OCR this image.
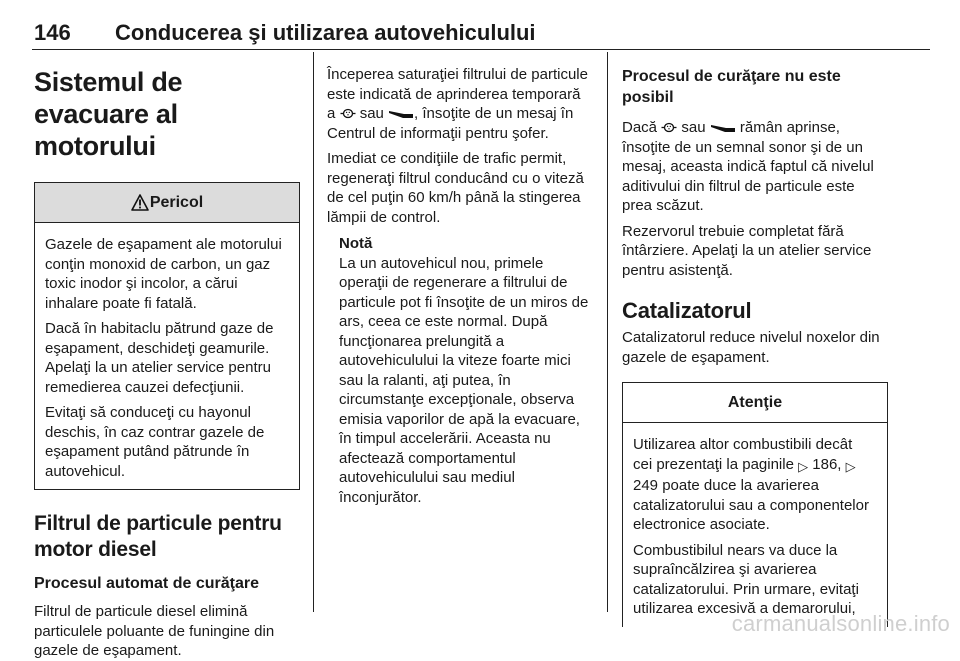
146 Conducerea şi utilizarea autovehiculului
Sistemul de evacuare al motorului
Pericol

Gazele de eşapament ale motorului conţin monoxid de carbon, un gaz toxic inodor şi incolor, a cărui inhalare poate fi fatală.

Dacă în habitaclu pătrund gaze de eşapament, deschideţi geamurile. Apelaţi la un atelier service pentru remedierea cauzei defecţiunii.

Evitaţi să conduceţi cu hayonul deschis, în caz contrar gazele de eşapament putând pătrunde în autovehicul.

Filtrul de particule pentru motor diesel
Procesul automat de curăţare

Filtrul de particule diesel elimină particulele poluante de funingine din gazele de eşapament.

Începerea saturaţiei filtrului de particule este indicată de aprinderea temporară a sau , însoţite de un mesaj în Centrul de informaţii pentru şofer.

Imediat ce condiţiile de trafic permit, regeneraţi filtrul conducând cu o viteză de cel puţin 60 km/h până la stingerea lămpii de control.

Notă

La un autovehicul nou, primele operaţii de regenerare a filtrului de particule pot fi însoţite de un miros de ars, ceea ce este normal. După funcţionarea prelungită a autovehiculului la viteze foarte mici sau la ralanti, aţi putea, în circumstanţe excepţionale, observa emisia vaporilor de apă la evacuare, în timpul accelerării. Aceasta nu afectează comportamentul autovehiculului sau mediul înconjurător.

Procesul de curăţare nu este posibil

Dacă sau rămân aprinse, însoţite de un semnal sonor şi de un mesaj, aceasta indică faptul că nivelul aditivului din filtrul de particule este prea scăzut.

Rezervorul trebuie completat fără întârziere. Apelaţi la un atelier service pentru asistenţă.

Catalizatorul

Catalizatorul reduce nivelul noxelor din gazele de eşapament.

Atenţie

Utilizarea altor combustibili decât cei prezentaţi la paginile ▷ 186, ▷ 249 poate duce la avarierea catalizatorului sau a componentelor electronice asociate.

Combustibilul nears va duce la supraîncălzirea şi avarierea catalizatorului. Prin urmare, evitaţi utilizarea excesivă a demarorului,

carmanualsonline.info
